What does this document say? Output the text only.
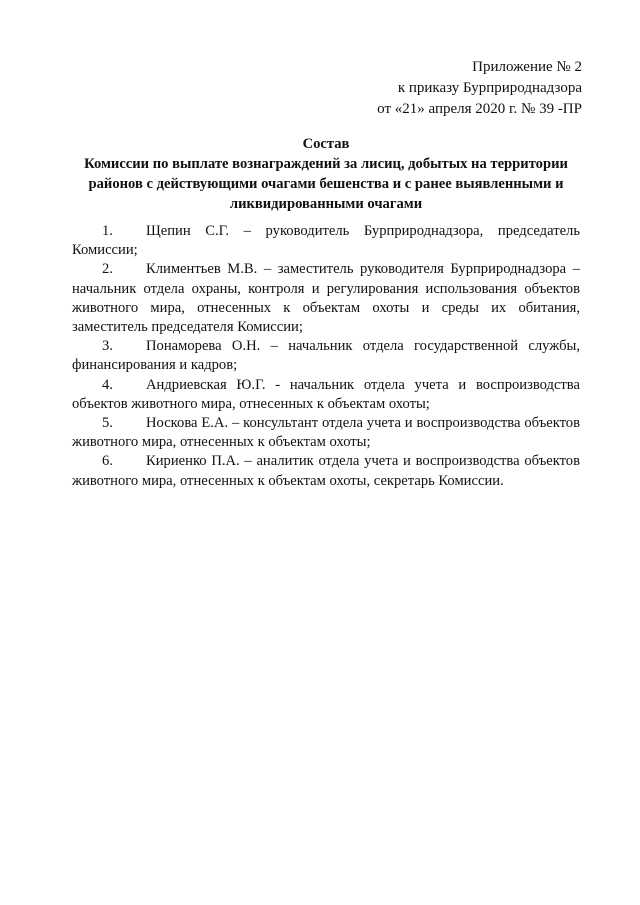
Приложение № 2
к приказу Бурприроднадзора
от «21» апреля 2020 г. № 39 -ПР
Состав
Комиссии по выплате вознаграждений за лисиц, добытых на территории
районов с действующими очагами бешенства и с ранее выявленными и
ликвидированными очагами

1. Щепин С.Г. – руководитель Бурприроднадзора, председатель Комиссии;

2. Климентьев М.В. – заместитель руководителя Бурприроднадзора – начальник отдела охраны, контроля и регулирования использования объектов животного мира, отнесенных к объектам охоты и среды их обитания, заместитель председателя Комиссии;

3. Понаморева О.Н. – начальник отдела государственной службы, финансирования и кадров;

4. Андриевская Ю.Г. - начальник отдела учета и воспроизводства объектов животного мира, отнесенных к объектам охоты;

5. Носкова Е.А. – консультант отдела учета и воспроизводства объектов животного мира, отнесенных к объектам охоты;

6. Кириенко П.А. – аналитик отдела учета и воспроизводства объектов животного мира, отнесенных к объектам охоты, секретарь Комиссии.
